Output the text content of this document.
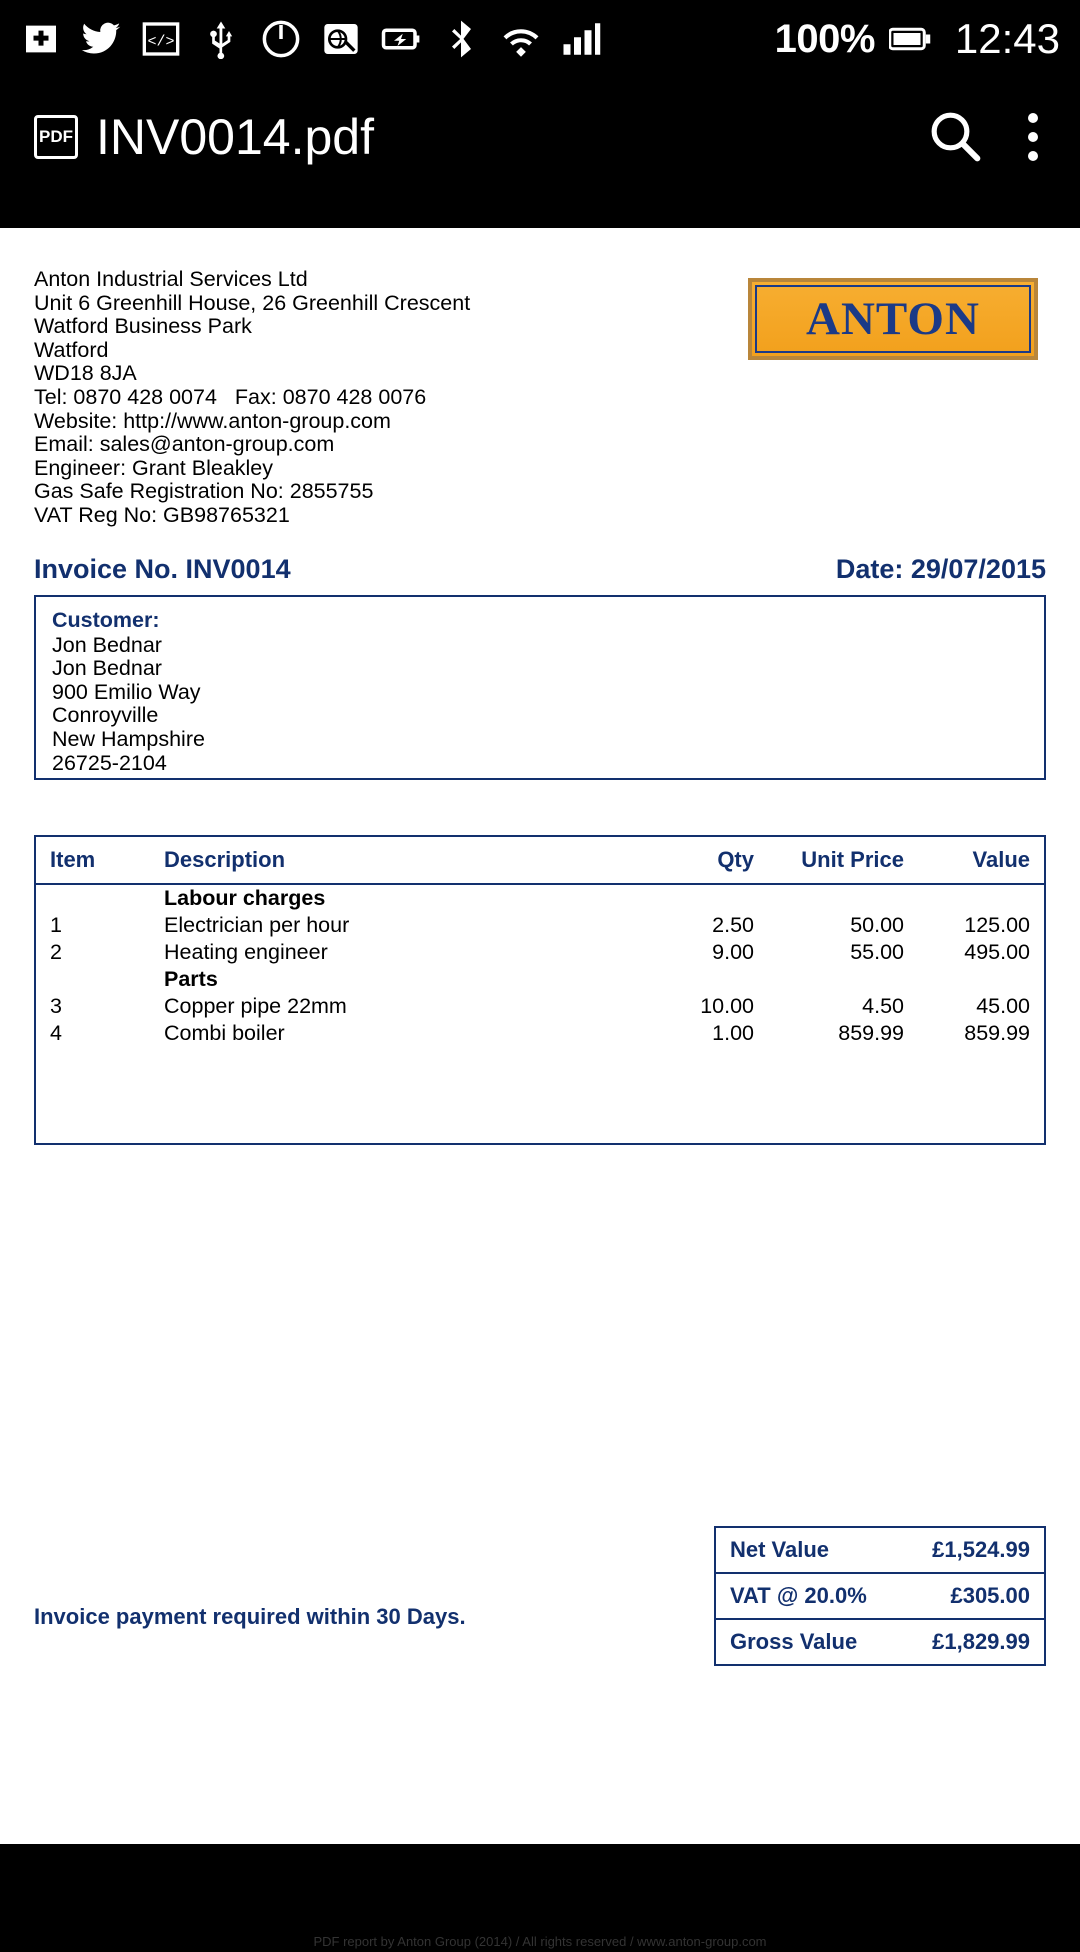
</>	100% 12:43
PDF INV0014.pdf
Anton Industrial Services Ltd
Unit 6 Greenhill House, 26 Greenhill Crescent
Watford Business Park
Watford
WD18 8JA
Tel: 0870 428 0074 Fax: 0870 428 0076
Website: http://www.anton-group.com
Email: sales@anton-group.com
Engineer: Grant Bleakley
Gas Safe Registration No: 2855755
VAT Reg No: GB98765321
ANTON
Invoice No. INV0014	Date: 29/07/2015
Customer:
Jon Bednar
Jon Bednar
900 Emilio Way
Conroyville
New Hampshire
26725-2104
Item	Description	Qty	Unit Price	Value
	Labour charges			
1	Electrician per hour	2.50	50.00	125.00
2	Heating engineer	9.00	55.00	495.00
	Parts			
3	Copper pipe 22mm	10.00	4.50	45.00
4	Combi boiler	1.00	859.99	859.99
Net Value	£1,524.99
VAT @ 20.0%	£305.00
Gross Value	£1,829.99
Invoice payment required within 30 Days.
PDF report by Anton Group (2014) / All rights reserved / www.anton-group.com
